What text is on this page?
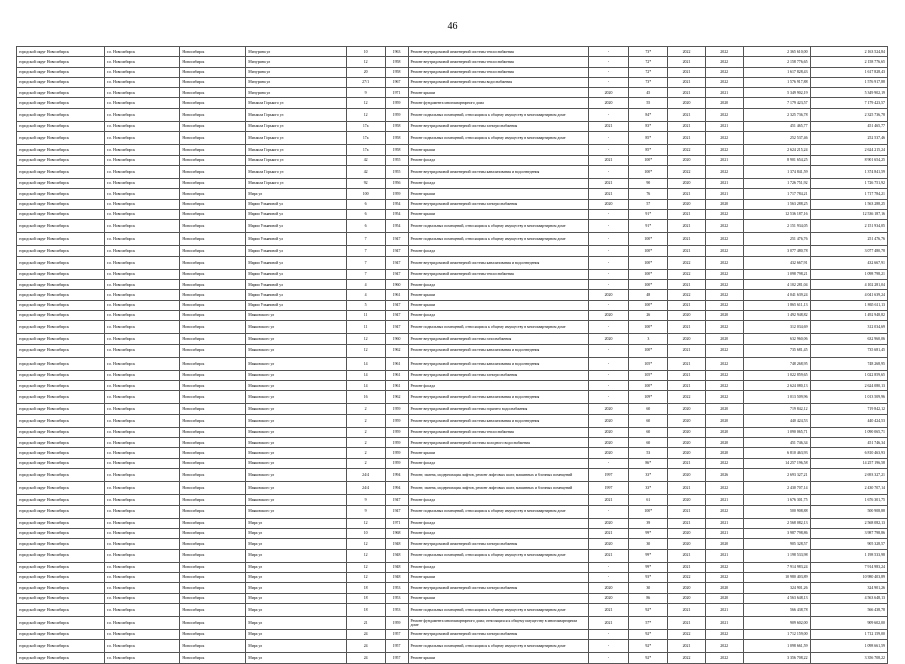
46
городской округ Новосибирск	г.о. Новосибирск	Новосибирск	Мичурина ул	10	1963	Ремонт внутридомовой инженерной системы теплоснабжения	-	73*	2022	2022	2 365 610,00	2 163 524,84
городской округ Новосибирск	г.о. Новосибирск	Новосибирск	Мичурина ул	12	1958	Ремонт внутридомовой инженерной системы теплоснабжения	-	72*	2021	2022	2 158 776,65	2 158 776,65
городской округ Новосибирск	г.о. Новосибирск	Новосибирск	Мичурина ул	20	1958	Ремонт внутридомовой инженерной системы теплоснабжения	-	72*	2021	2022	1 617 828,43	1 617 828,43
городской округ Новосибирск	г.о. Новосибирск	Новосибирск	Мичурина ул	27/1	1967	Ремонт внутридомовой инженерной системы водоснабжения	-	73*	2021	2022	1 576 917,88	1 576 917,88
городской округ Новосибирск	г.о. Новосибирск	Новосибирск	Мичурина ул	9	1971	Ремонт крыши	2020	45	2021	2021	5 349 902,19	5 349 902,19
городской округ Новосибирск	г.о. Новосибирск	Новосибирск	Михаила Горького ул	12	1959	Ремонт фундамента многоквартирного дома	2020	55	2020	2020	7 179 423,57	7 179 423,57
городской округ Новосибирск	г.о. Новосибирск	Новосибирск	Михаила Горького ул	12	1959	Ремонт подвальных помещений, относящихся к общему имуществу в многоквартирном доме	-	84*	2021	2022	2 325 736,78	2 325 736,78
городской округ Новосибирск	г.о. Новосибирск	Новосибирск	Михаила Горького ул	17а	1958	Ремонт внутридомовой инженерной системы электроснабжения	2021	83*	2021	2021	451 465,77	451 465,77
городской округ Новосибирск	г.о. Новосибирск	Новосибирск	Михаила Горького ул	17а	1958	Ремонт подвальных помещений, относящихся к общему имуществу в многоквартирном доме	-	85*	2021	2022	252 537,46	252 537,46
городской округ Новосибирск	г.о. Новосибирск	Новосибирск	Михаила Горького ул	17а	1958	Ремонт крыши	-	85*	2022	2022	2 624 215,24	2 624 215,24
городской округ Новосибирск	г.о. Новосибирск	Новосибирск	Михаила Горького ул	42	1955	Ремонт фасада	2021	100*	2020	2021	8 901 654,25	8 901 654,25
городской округ Новосибирск	г.о. Новосибирск	Новосибирск	Михаила Горького ул	42	1955	Ремонт внутридомовой инженерной системы канализования и водоотведения	-	100*	2022	2022	1 374 841,59	1 374 841,59
городской округ Новосибирск	г.о. Новосибирск	Новосибирск	Михаила Горького ул	92	1956	Ремонт фасада	2021	90	2020	2021	1 726 751,92	1 726 751,92
городской округ Новосибирск	г.о. Новосибирск	Новосибирск	Мира ул	100	1959	Ремонт крыши	2021	76	2021	2021	1 717 784,21	1 717 784,21
городской округ Новосибирск	г.о. Новосибирск	Новосибирск	Марии Ульяновой ул	6	1954	Ремонт внутридомовой инженерной системы электроснабжения	2020	57	2020	2020	1 563 288,25	1 563 288,25
городской округ Новосибирск	г.о. Новосибирск	Новосибирск	Марии Ульяновой ул	6	1954	Ремонт крыши	-	91*	2021	2022	12 536 187,16	12 536 187,16
городской округ Новосибирск	г.о. Новосибирск	Новосибирск	Марии Ульяновой ул	6	1954	Ремонт подвальных помещений, относящихся к общему имуществу в многоквартирном доме	-	91*	2021	2022	2 151 934,05	2 151 934,05
городской округ Новосибирск	г.о. Новосибирск	Новосибирск	Марии Ульяновой ул	7	1947	Ремонт подвальных помещений, относящихся к общему имуществу в многоквартирном доме	-	100*	2021	2022	251 476,76	251 476,76
городской округ Новосибирск	г.о. Новосибирск	Новосибирск	Марии Ульяновой ул	7	1947	Ремонт фасада	-	100*	2021	2022	3 077 480,78	3 077 480,78
городской округ Новосибирск	г.о. Новосибирск	Новосибирск	Марии Ульяновой ул	7	1947	Ремонт внутридомовой инженерной системы канализования и водоотведения	-	100*	2022	2022	432 667,91	432 667,91
городской округ Новосибирск	г.о. Новосибирск	Новосибирск	Марии Ульяновой ул	7	1947	Ремонт внутридомовой инженерной системы теплоснабжения	-	100*	2022	2022	1 098 798,21	1 098 798,21
городской округ Новосибирск	г.о. Новосибирск	Новосибирск	Марии Ульяновой ул	4	1960	Ремонт фасада	-	100*	2021	2022	4 102 281,04	4 102 281,04
городской округ Новосибирск	г.о. Новосибирск	Новосибирск	Марии Ульяновой ул	4	1961	Ремонт крыши	2020	48	2022	2022	4 041 639,24	4 041 639,24
городской округ Новосибирск	г.о. Новосибирск	Новосибирск	Марии Ульяновой ул	5	1947	Ремонт крыши	-	100*	2021	2022	1 865 611,13	1 865 611,13
городской округ Новосибирск	г.о. Новосибирск	Новосибирск	Маяковского ул	11	1947	Ремонт фасада	2020	26	2020	2020	1 492 948,82	1 492 948,82
городской округ Новосибирск	г.о. Новосибирск	Новосибирск	Маяковского ул	11	1947	Ремонт подвальных помещений, относящихся к общему имуществу в многоквартирном доме	-	100*	2021	2022	312 034,69	312 034,69
городской округ Новосибирск	г.о. Новосибирск	Новосибирск	Маяковского ул	12	1960	Ремонт внутридомовой инженерной системы газоснабжения	2020	3	2020	2020	632 960,06	632 960,06
городской округ Новосибирск	г.о. Новосибирск	Новосибирск	Маяковского ул	12	1962	Ремонт внутридомовой инженерной системы канализования и водоотведения	-	100*	2021	2022	735 681,45	735 681,45
городской округ Новосибирск	г.о. Новосибирск	Новосибирск	Маяковского ул	14	1961	Ремонт внутридомовой инженерной системы канализования и водоотведения	-	105*	2021	2022	748 268,95	748 268,95
городской округ Новосибирск	г.о. Новосибирск	Новосибирск	Маяковского ул	14	1961	Ремонт внутридомовой инженерной системы электроснабжения	-	105*	2021	2022	1 022 859,65	1 022 859,65
городской округ Новосибирск	г.о. Новосибирск	Новосибирск	Маяковского ул	14	1961	Ремонт фасада	-	100*	2021	2022	2 624 080,13	2 624 080,13
городской округ Новосибирск	г.о. Новосибирск	Новосибирск	Маяковского ул	16	1962	Ремонт внутридомовой инженерной системы канализования и водоотведения	-	109*	2022	2022	1 013 509,96	1 013 509,96
городской округ Новосибирск	г.о. Новосибирск	Новосибирск	Маяковского ул	2	1959	Ремонт внутридомовой инженерной системы горячего водоснабжения	2020	60	2020	2020	719 842,12	719 842,12
городской округ Новосибирск	г.о. Новосибирск	Новосибирск	Маяковского ул	2	1959	Ремонт внутридомовой инженерной системы канализования и водоотведения	2020	60	2020	2020	440 424,53	440 424,53
городской округ Новосибирск	г.о. Новосибирск	Новосибирск	Маяковского ул	2	1959	Ремонт внутридомовой инженерной системы теплоснабжения	2020	60	2020	2020	1 090 065,71	1 090 065,71
городской округ Новосибирск	г.о. Новосибирск	Новосибирск	Маяковского ул	2	1959	Ремонт внутридомовой инженерной системы холодного водоснабжения	2020	60	2020	2020	451 746,34	451 746,34
городской округ Новосибирск	г.о. Новосибирск	Новосибирск	Маяковского ул	2	1959	Ремонт крыши	2020	53	2020	2020	6 810 463,93	6 810 463,93
городской округ Новосибирск	г.о. Новосибирск	Новосибирск	Маяковского ул	2	1959	Ремонт фасада	-	86*	2021	2022	14 257 196,58	14 257 196,58
городской округ Новосибирск	г.о. Новосибирск	Новосибирск	Маяковского ул	24/4	1994	Ремонт, замена, модернизация лифтов, ремонт лифтовых шахт, машинных и блочных помещений	1997	33*	2020	2026	2 693 327,21	2 693 327,21
городской округ Новосибирск	г.о. Новосибирск	Новосибирск	Маяковского ул	24/4	1994	Ремонт, замена, модернизация лифтов, ремонт лифтовых шахт, машинных и блочных помещений	1997	33*	2021	2022	2 430 707,14	2 430 707,14
городской округ Новосибирск	г.о. Новосибирск	Новосибирск	Маяковского ул	9	1947	Ремонт фасада	2021	61	2020	2021	1 676 301,75	1 676 301,75
городской округ Новосибирск	г.о. Новосибирск	Новосибирск	Маяковского ул	9	1947	Ремонт подвальных помещений, относящихся к общему имуществу в многоквартирном доме	-	100*	2021	2022	500 908,88	500 908,88
городской округ Новосибирск	г.о. Новосибирск	Новосибирск	Мира ул	12	1971	Ремонт фасада	2020	39	2021	2021	2 568 082,13	2 568 082,13
городской округ Новосибирск	г.о. Новосибирск	Новосибирск	Мира ул	10	1968	Ремонт фасада	2021	99*	2020	2021	3 987 798,86	3 987 798,86
городской округ Новосибирск	г.о. Новосибирск	Новосибирск	Мира ул	12	1948	Ремонт внутридомовой инженерной системы электроснабжения	2020	30	2020	2020	905 328,57	905 328,57
городской округ Новосибирск	г.о. Новосибирск	Новосибирск	Мира ул	12	1948	Ремонт подвальных помещений, относящихся к общему имуществу в многоквартирном доме	2021	99*	2021	2021	1 198 533,98	1 198 533,98
городской округ Новосибирск	г.о. Новосибирск	Новосибирск	Мира ул	12	1948	Ремонт фасада	-	99*	2021	2022	7 914 983,24	7 914 983,24
городской округ Новосибирск	г.о. Новосибирск	Новосибирск	Мира ул	12	1948	Ремонт крыши	-	93*	2022	2022	10 980 403,89	10 980 403,89
городской округ Новосибирск	г.о. Новосибирск	Новосибирск	Мира ул	18	1953	Ремонт внутридомовой инженерной системы электроснабжения	2020	30	2020	2020	324 901,26	324 901,26
городской округ Новосибирск	г.о. Новосибирск	Новосибирск	Мира ул	18	1953	Ремонт крыши	2020	86	2020	2020	4 563 648,13	4 563 648,13
городской округ Новосибирск	г.о. Новосибирск	Новосибирск	Мира ул	18	1953	Ремонт подвальных помещений, относящихся к общему имуществу в многоквартирном доме	2021	92*	2021	2021	566 438,78	566 438,78
городской округ Новосибирск	г.о. Новосибирск	Новосибирск	Мира ул	21	1959	Ремонт фундамента многоквартирного дома; относящихся к общему имуществу в многоквартирном доме	2021	57*	2021	2021	909 602,00	909 602,00
городской округ Новосибирск	г.о. Новосибирск	Новосибирск	Мира ул	24	1957	Ремонт внутридомовой инженерной системы электроснабжения	-	92*	2022	2022	1 712 159,00	1 712 159,00
городской округ Новосибирск	г.о. Новосибирск	Новосибирск	Мира ул	24	1957	Ремонт подвальных помещений, относящихся к общему имуществу в многоквартирном доме	-	92*	2021	2022	1 098 661,59	1 098 661,59
городской округ Новосибирск	г.о. Новосибирск	Новосибирск	Мира ул	24	1957	Ремонт крыши	-	92*	2022	2022	3 356 708,22	3 356 708,22
